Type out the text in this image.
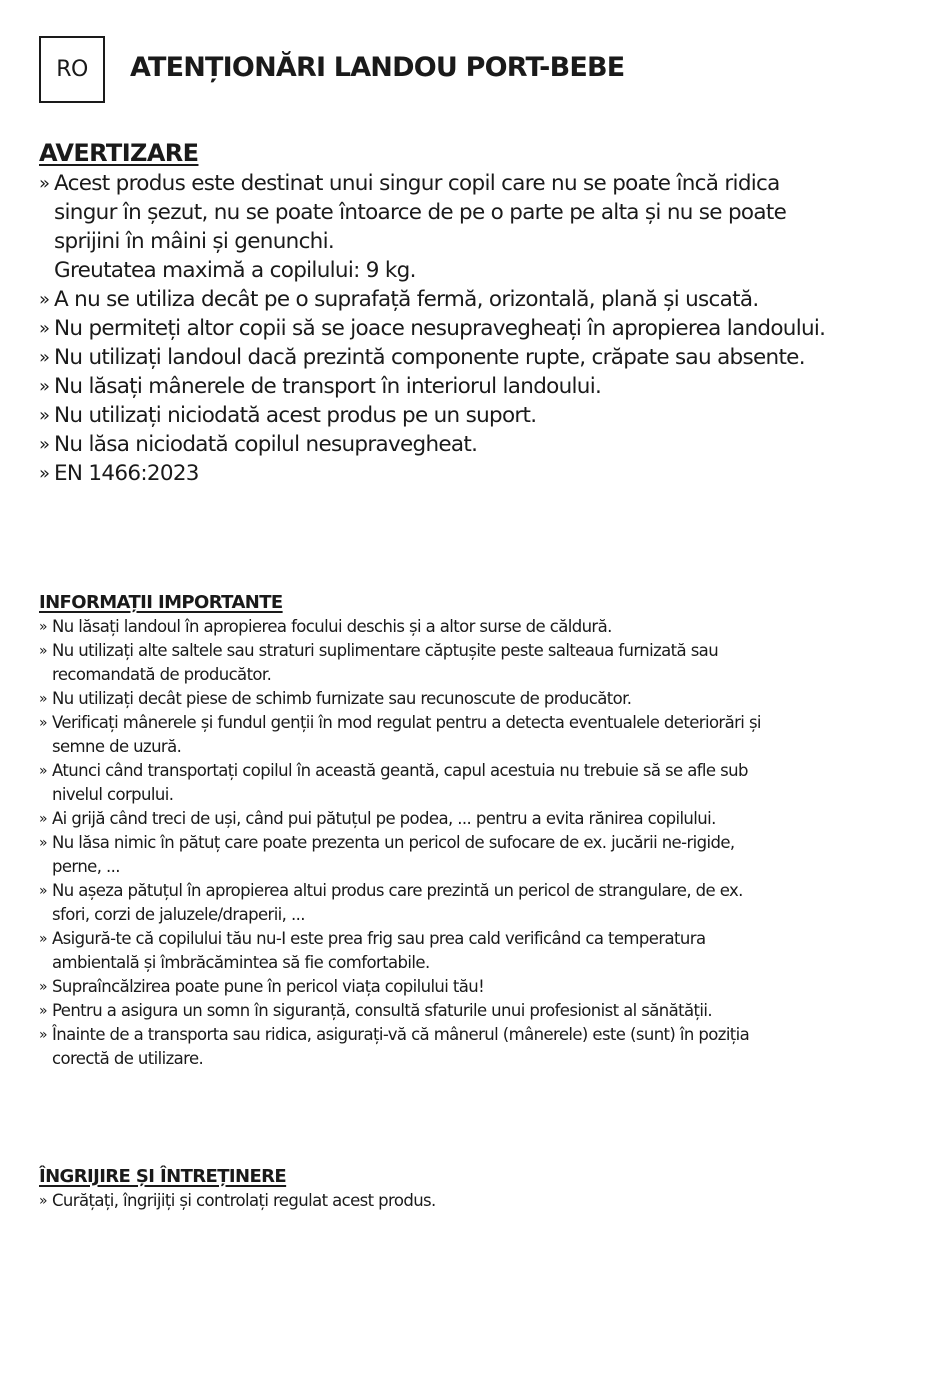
RO ATENȚIONĂRI LANDOU PORT-BEBE
AVERTIZARE
» Acest produs este destinat unui singur copil care nu se poate încă ridica
singur în șezut, nu se poate întoarce de pe o parte pe alta și nu se poate
sprijini în mâini și genunchi.
Greutatea maximă a copilului: 9 kg.
» A nu se utiliza decât pe o suprafață fermă, orizontală, plană și uscată.
» Nu permiteți altor copii să se joace nesupravegheați în apropierea landoului.
» Nu utilizați landoul dacă prezintă componente rupte, crăpate sau absente.
» Nu lăsați mânerele de transport în interiorul landoului.
» Nu utilizați niciodată acest produs pe un suport.
» Nu lăsa niciodată copilul nesupravegheat.
» EN 1466:2023
INFORMAȚII IMPORTANTE
» Nu lăsați landoul în apropierea focului deschis și a altor surse de căldură.
» Nu utilizați alte saltele sau straturi suplimentare căptușite peste salteaua furnizată sau
recomandată de producător.
» Nu utilizați decât piese de schimb furnizate sau recunoscute de producător.
» Verificați mânerele și fundul genții în mod regulat pentru a detecta eventualele deteriorări și
semne de uzură.
» Atunci când transportați copilul în această geantă, capul acestuia nu trebuie să se afle sub
nivelul corpului.
» Ai grijă când treci de uși, când pui pătuțul pe podea, ... pentru a evita rănirea copilului.
» Nu lăsa nimic în pătuț care poate prezenta un pericol de sufocare de ex. jucării ne-rigide,
perne, ...
» Nu așeza pătuțul în apropierea altui produs care prezintă un pericol de strangulare, de ex.
sfori, corzi de jaluzele/draperii, ...
» Asigură-te că copilului tău nu-I este prea frig sau prea cald verificând ca temperatura
ambientală și îmbrăcămintea să fie comfortabile.
» Supraîncălzirea poate pune în pericol viața copilului tău!
» Pentru a asigura un somn în siguranță, consultă sfaturile unui profesionist al sănătății.
» Înainte de a transporta sau ridica, asigurați-vă că mânerul (mânerele) este (sunt) în poziția
corectă de utilizare.
ÎNGRIJIRE ȘI ÎNTREȚINERE
» Curățați, îngrijiți și controlați regulat acest produs.
